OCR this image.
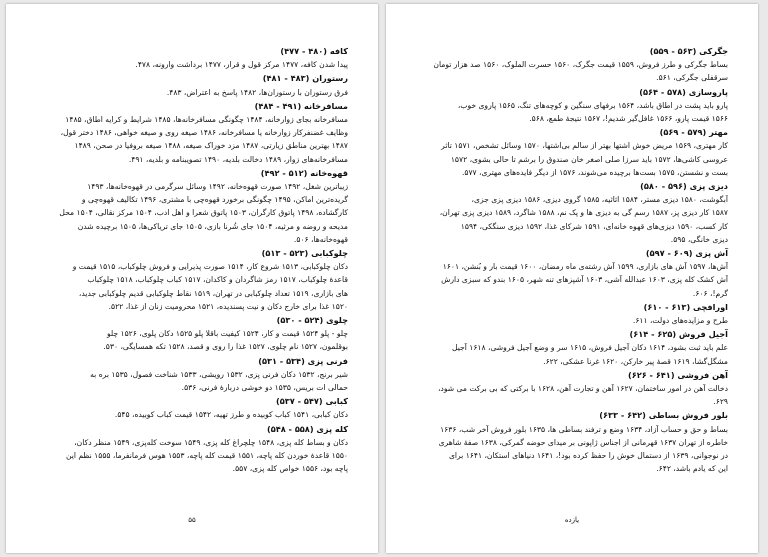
کافه (۴۸۰ - ۴۷۷)
پیدا شدن کافه، ۱۴۷۷ مرکز قول و قرار، ۱۴۷۷ برداشت وارونه، ۴۷۸.
رستوران (۴۸۳ - ۴۸۱)
فرق رستوران با رستوران‌ها، ۱۴۸۲ پاسخ به اعتراض، ۴۸۳.
مسافرخانه (۴۹۱ - ۴۸۴)
مسافرخانه بجای زوارخانه، ۱۴۸۴ چگونگی مسافرخانه‌ها، ۱۴۸۵ شرایط و کرایه اطاق، ۱۴۸۵
وظایف غضنفرکار زوارخانه یا مسافرخانه، ۱۴۸۶ صیغه روی و صیغه خواهی، ۱۴۸۶ دختر قول،
۱۴۸۷ بهترین مناطق زیارتی، ۱۴۸۷ مزد خوراک صیغه، ۱۴۸۸ صیغه بروفیا در صحن، ۱۴۸۹
مسافرخانه‌های زوار، ۱۴۸۹ دخالت بلدیه، ۱۴۹۰ تصویبنامه و بلدیه، ۴۹۱.
قهوه‌خانه (۵۱۲ - ۴۹۲)
زیباترین شغل، ۱۴۹۲ صورت قهوه‌خانه، ۱۴۹۲ وسائل سرگرمی در قهوه‌خانه‌ها، ۱۴۹۳
گریده‌ترین اماکن، ۱۴۹۵ چگونگی برخورد قهوه‌چی با مشتری، ۱۴۹۶ تکالیف قهوه‌چی و
کارگشاده، ۱۴۹۸ پاتوق کارگران، ۱۵۰۳ پاتوق شعرا و اهل ادب، ۱۵۰۴ مرکز نقالی، ۱۵۰۴ محل
مدیحه و روضه و مرثیه، ۱۵۰۴ جای شُرنا بازی، ۱۵۰۵ جای تریاکی‌ها، ۱۵۰۵ برچیده شدن
قهوه‌خانه‌ها، ۵۰۶.
چلوکبابی (۵۲۳ - ۵۱۳)
دکان چلوکبابی، ۱۵۱۳ شروع کار، ۱۵۱۴ صورت پذیرایی و فروش چلوکباب، ۱۵۱۵ قیمت و
قاعدهٔ چلوکباب، ۱۵۱۷ رمز شاگردان و کاکدان، ۱۵۱۷ کباب چلوکباب، ۱۵۱۸ چلوکباب
های بازاری، ۱۵۱۹ تعداد چلوکبابی در تهران، ۱۵۱۹ نقاط چلوکبابی قدیم چلوکبابی جدید،
۱۵۲۰ غذا برای خارج دکان و نیت پسندیده، ۱۵۲۱ محرومیت زنان از غذا، ۵۲۲.
چلوی (۵۲۴ - ۵۳۰)
چلو - پلو ۱۵۲۴ قیمت و کار، ۱۵۲۴ کیفیت باقلا پلو ۱۵۲۵ دکان پلوی، ۱۵۲۶ چلو
بوقلمون، ۱۵۲۷ نام چلوی، ۱۵۲۷ غذا را روی و قصد، ۱۵۲۸ تکه همسایگی، ۵۳۰.
فرنی پزی (۵۳۴ - ۵۳۱)
شیر برنج، ۱۵۳۲ دکان فرنی پزی، ۱۵۳۲ رویشی، ۱۵۳۳ شناخت فصول، ۱۵۳۵ بره به
حمالی ات بریس، ۱۵۳۵ دو خوشی دربارهٔ فرنی، ۵۳۶.
کبابی (۵۴۷ - ۵۳۷)
دکان کبابی، ۱۵۴۱ کباب کوبیده و طرز تهیه، ۱۵۴۲ قیمت کباب کوبیده، ۵۴۵.
کله پزی (۵۵۸ - ۵۴۸)
دکان و بساط کله پزی، ۱۵۴۸ چلچراغ کله پزی، ۱۵۴۹ سوخت کله‌پزی، ۱۵۴۹ منظر دکان،
۱۵۵۰ قاعدهٔ خوردن کله پاچه، ۱۵۵۱ قیمت کله پاچه، ۱۵۵۳ هوس فرمانفرما، ۱۵۵۵ نظم این
پاچه بود، ۱۵۵۶ خواص کله پزی، ۵۵۷.
۵۵
جگرکی (۵۶۳ - ۵۵۹)
بساط جگرکی و طرز فروش، ۱۵۵۹ قیمت جگرک، ۱۵۶۰ حسرت الملوک، ۱۵۶۰ صد هزار تومان
سرقفلی جگرکی، ۵۶۱.
پاروسازی (۵۷۸ - ۵۶۴)
پارو باید پشت در اطاق باشد، ۱۵۶۴ برفهای سنگین و کوچه‌های تنگ، ۱۵۶۵ پاروی خوب،
۱۵۶۶ قیمت پارو، ۱۵۶۶ غافل‌گیر شدیم!، ۱۵۶۷ نتیجهٔ طمع، ۵۶۸.
مهتر (۵۷۹ - ۵۶۹)
کار مهتری، ۱۵۶۹ مریض خوش اشتها بهتر از سالم بی‌اشتها، ۱۵۷۰ وسائل تشخص، ۱۵۷۱ تاثر
عروسی کاشی‌ها، ۱۵۷۲ باید سرزا صلی اصغر خان صندوق را برشم تا حالی بشوی، ۱۵۷۲
بست و نشستن، ۱۵۷۵ بست‌ها برچیده می‌شوند، ۱۵۷۶ از دیگر فایده‌های مهتری، ۵۷۷.
دیزی پزی (۵۹۶ - ۵۸۰)
آبگوشت، ۱۵۸۰ دیزی مستر، ۱۵۸۴ اثاثیه، ۱۵۸۵ گروی دیزی، ۱۵۸۶ دیزی پزی جزی،
۱۵۸۷ کار دیزی پز، ۱۵۸۷ رسم گی به دیزی ها و پک نم، ۱۵۸۸ شاگرد، ۱۵۸۹ دیزی پزی تهران،
کار کسب، ۱۵۹۰ دیزی‌های قهوه خانه‌ای، ۱۵۹۱ شرکای غذا، ۱۵۹۲ دیزی سنگکی، ۱۵۹۴
دیزی خانگی، ۵۹۵.
آش پزی (۶۰۹ - ۵۹۷)
آش‌ها، ۱۵۹۷ آش های بازاری، ۱۵۹۹ آش رشته‌ی ماه رمضان، ۱۶۰۰ قیمت بار و بُنشن، ۱۶۰۱
آش کشک کله پزی، ۱۶۰۳ عبدالله آشی، ۱۶۰۳ آشپزهای تنه شهر، ۱۶۰۵ بندو که سبزی دارش
گرم!، ۶۰۶.
اورافچی (۶۱۳ - ۶۱۰)
طرح و مزایده‌های دولت، ۶۱۱.
آجیل فروش (۶۲۵ - ۶۱۴)
علم باید ثبت بشود، ۱۶۱۴ دکان آجیل فروش، ۱۶۱۵ سر و وضع آجیل فروشی، ۱۶۱۸ آجیل
مشگل‌گشا، ۱۶۱۹ قصهٔ پیر خارکن، ۱۶۲۰ غرنا عشکی، ۶۲۲.
آهن فروشی (۶۴۱ - ۶۲۶)
دخالت آهن در امور ساختمان، ۱۶۲۷ آهن و تجارت آهن، ۱۶۲۸ با برکتی که بی برکت می شود،
۶۲۹.
بلور فروش بساطی (۶۴۲ - ۶۳۳)
بساط و حق و حساب آزاد، ۱۶۳۴ وضع و ترفند بساطی ها، ۱۶۳۵ بلور فروش آخر شب، ۱۶۳۶
خاطره از تهران ۱۶۳۷ قهرمانی از اجناس ژاپونی بر میدای حوضه گمرکی، ۱۶۳۸ صفهٔ شاهری
در نوجوانی، ۱۶۳۹ از دستمال خوش را حفظ کرده بود!، ۱۶۴۱ دنیاهای استکان، ۱۶۴۱ برای
این که یادم باشد، ۶۴۲.
یازده
